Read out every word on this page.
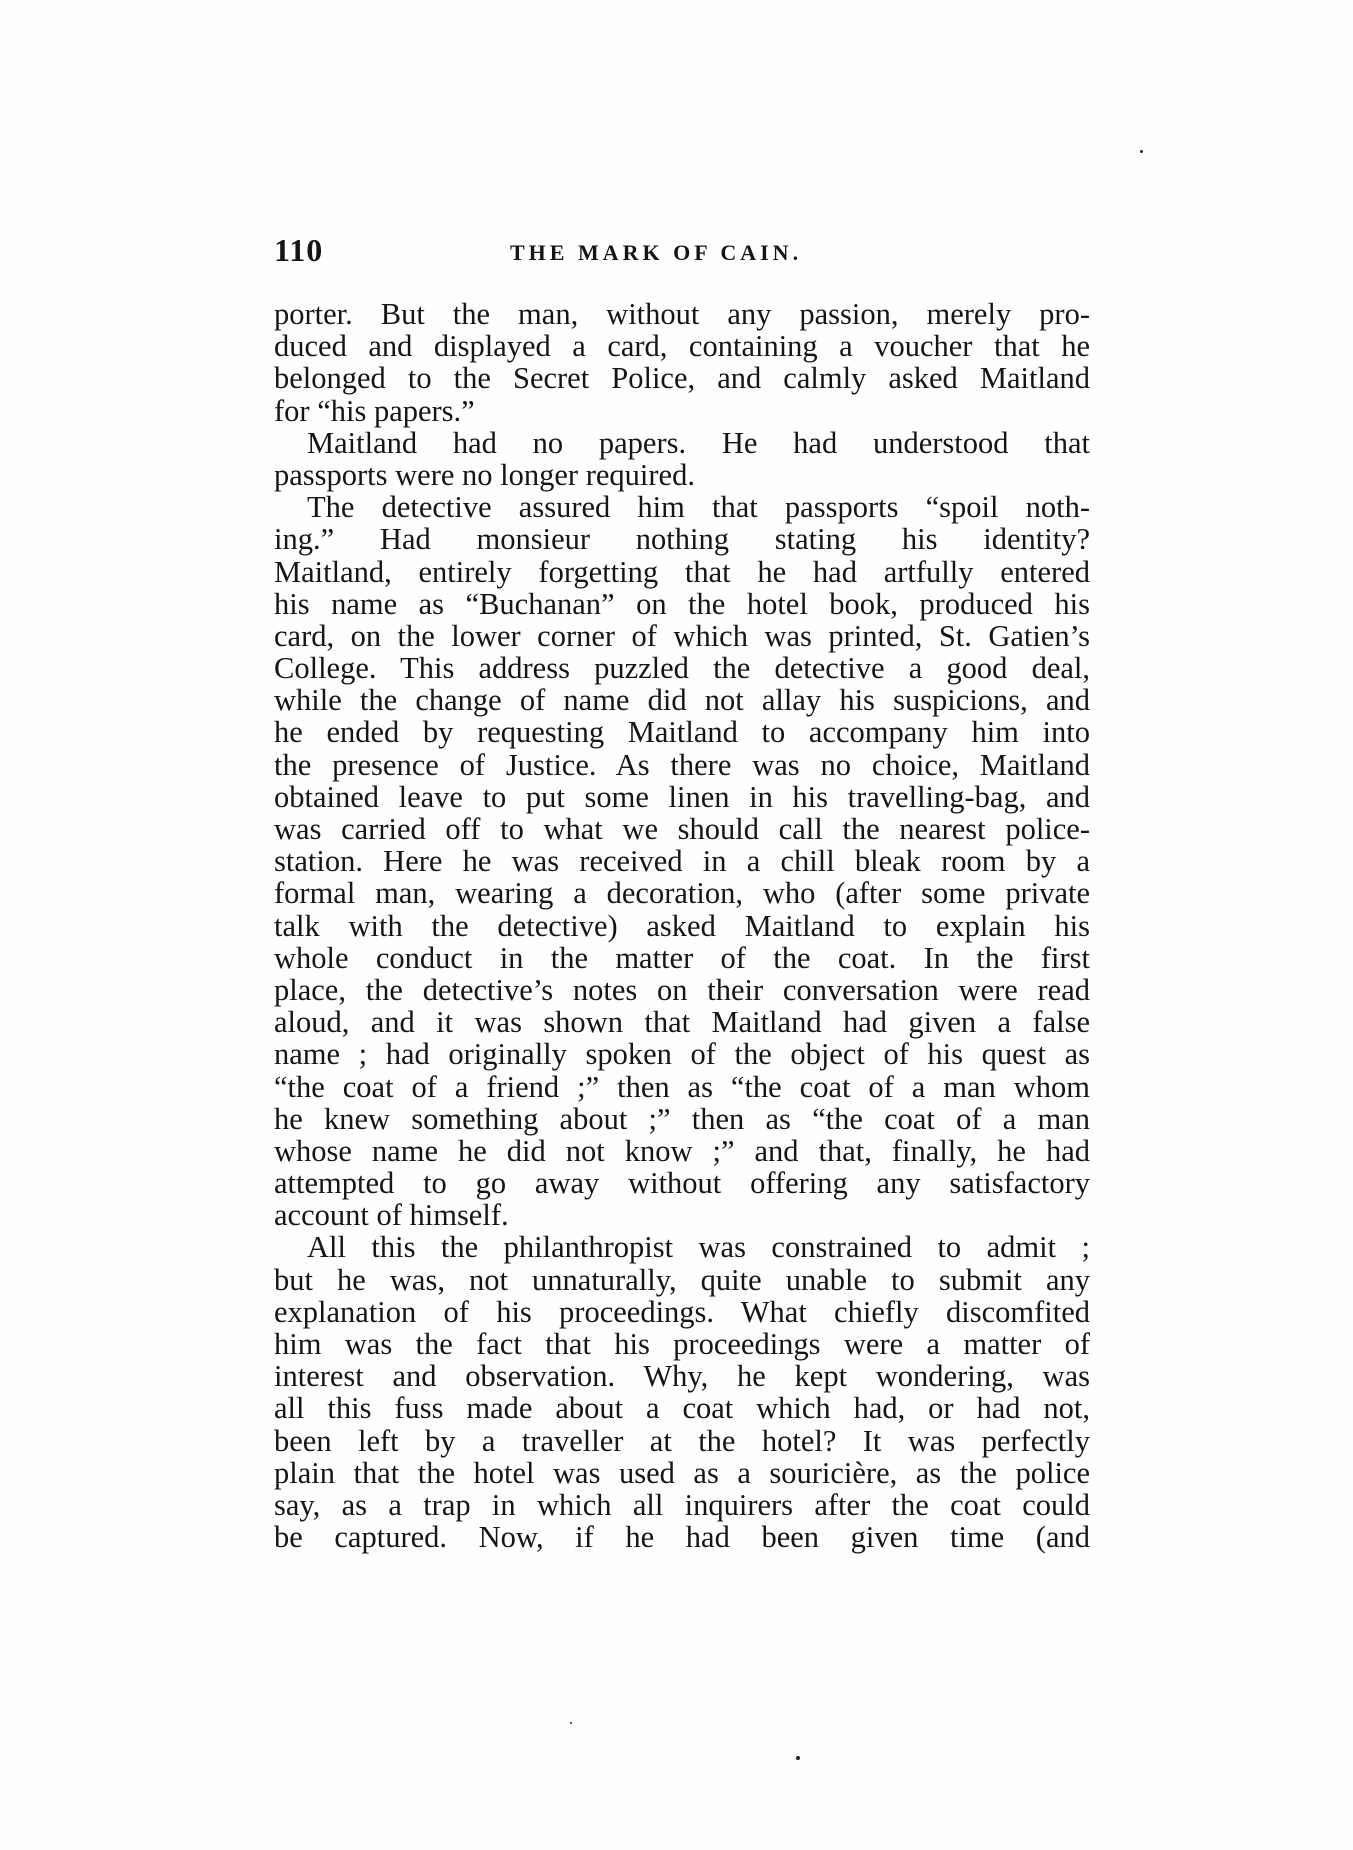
110	THE MARK OF CAIN.
porter. But the man, without any passion, merely pro-
duced and displayed a card, containing a voucher that he
belonged to the Secret Police, and calmly asked Maitland
for “his papers.”
Maitland had no papers. He had understood that
passports were no longer required.
The detective assured him that passports “spoil noth-
ing.” Had monsieur nothing stating his identity?
Maitland, entirely forgetting that he had artfully entered
his name as “Buchanan” on the hotel book, produced his
card, on the lower corner of which was printed, St. Gatien’s
College. This address puzzled the detective a good deal,
while the change of name did not allay his suspicions, and
he ended by requesting Maitland to accompany him into
the presence of Justice. As there was no choice, Maitland
obtained leave to put some linen in his travelling-bag, and
was carried off to what we should call the nearest police-
station. Here he was received in a chill bleak room by a
formal man, wearing a decoration, who (after some private
talk with the detective) asked Maitland to explain his
whole conduct in the matter of the coat. In the first
place, the detective’s notes on their conversation were read
aloud, and it was shown that Maitland had given a false
name ; had originally spoken of the object of his quest as
“the coat of a friend ;” then as “the coat of a man whom
he knew something about ;” then as “the coat of a man
whose name he did not know ;” and that, finally, he had
attempted to go away without offering any satisfactory
account of himself.
All this the philanthropist was constrained to admit ;
but he was, not unnaturally, quite unable to submit any
explanation of his proceedings. What chiefly discomfited
him was the fact that his proceedings were a matter of
interest and observation. Why, he kept wondering, was
all this fuss made about a coat which had, or had not,
been left by a traveller at the hotel? It was perfectly
plain that the hotel was used as a souricière, as the police
say, as a trap in which all inquirers after the coat could
be captured. Now, if he had been given time (and
